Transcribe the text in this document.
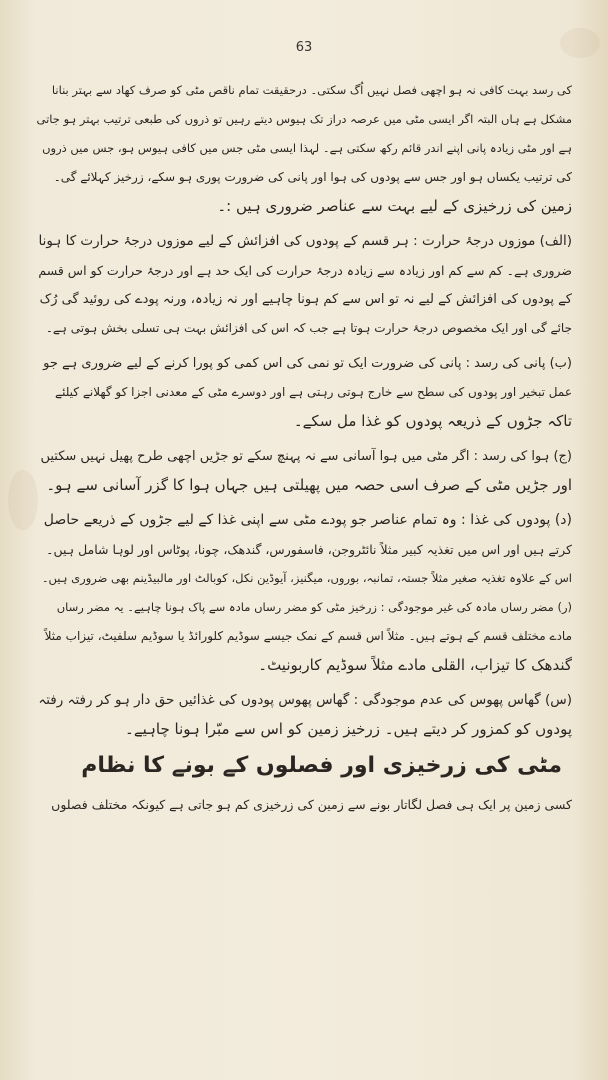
63
کی رسد بہت کافی نہ ہو اچھی فصل نہیں اُگ سکتی۔ درحقیقت تمام ناقص مٹی کو صرف کھاد سے بہتر بنانا
مشکل ہے ہاں البتہ اگر ایسی مٹی میں عرصہ دراز تک ہیوس دیتے رہیں تو ذروں کی طبعی ترتیب بہتر ہو جاتی
ہے اور مٹی زیادہ پانی اپنے اندر قائم رکھ سکتی ہے۔ لہذا ایسی مٹی جس میں کافی ہیوس ہو، جس میں ذروں
کی ترتیب یکساں ہو اور جس سے پودوں کی ہوا اور پانی کی ضرورت پوری ہو سکے، زرخیز کہلائے گی۔
زمین کی زرخیزی کے لیے بہت سے عناصر ضروری ہیں :۔
(الف) موزوں درجۂ حرارت : ہر قسم کے پودوں کی افزائش کے لیے موزوں درجۂ حرارت کا ہونا
ضروری ہے۔ کم سے کم اور زیادہ سے زیادہ درجۂ حرارت کی ایک حد ہے اور درجۂ حرارت کو اس قسم
کے پودوں کی افزائش کے لیے نہ تو اس سے کم ہونا چاہیے اور نہ زیادہ، ورنہ پودے کی روئید گی رُک
جائے گی اور ایک مخصوص درجۂ حرارت ہوتا ہے جب کہ اس کی افزائش بہت ہی تسلی بخش ہوتی ہے۔
(ب) پانی کی رسد : پانی کی ضرورت ایک تو نمی کی اس کمی کو پورا کرنے کے لیے ضروری ہے جو
عمل تبخیر اور پودوں کی سطح سے خارج ہوتی رہتی ہے اور دوسرے مٹی کے معدنی اجزا کو گھلانے کیلئے
تاکہ جڑوں کے ذریعہ پودوں کو غذا مل سکے۔
(ج) ہوا کی رسد : اگر مٹی میں ہوا آسانی سے نہ پہنچ سکے تو جڑیں اچھی طرح پھیل نہیں سکتیں
اور جڑیں مٹی کے صرف اسی حصہ میں پھیلتی ہیں جہاں ہوا کا گزر آسانی سے ہو۔
(د) پودوں کی غذا : وہ تمام عناصر جو پودے مٹی سے اپنی غذا کے لیے جڑوں کے ذریعے حاصل
کرتے ہیں اور اس میں تغذیہ کبیر مثلاً نائٹروجن، فاسفورس، گندھک، چونا، پوٹاس اور لوہا شامل ہیں۔
اس کے علاوہ تغذیہ صغیر مثلاً جستہ، تمانبہ، بوروں، میگنیز، آیوڈین نکل، کوبالٹ اور مالبیڈینم بھی ضروری ہیں۔
(ر) مضر رساں مادہ کی غیر موجودگی : زرخیز مٹی کو مضر رساں مادہ سے پاک ہونا چاہیے۔ یہ مضر رساں
مادے مختلف قسم کے ہوتے ہیں۔ مثلاً اس قسم کے نمک جیسے سوڈیم کلورائڈ یا سوڈیم سلفیٹ، تیزاب مثلاً
گندھک کا تیزاب، القلی مادے مثلاً سوڈیم کاربونیٹ۔
(س) گھاس پھوس کی عدم موجودگی : گھاس پھوس پودوں کی غذائیں حق دار ہو کر رفتہ رفتہ
پودوں کو کمزور کر دیتے ہیں۔ زرخیز زمین کو اس سے مبّرا ہونا چاہیے۔
مٹی کی زرخیزی اور فصلوں کے بونے کا نظام
کسی زمین پر ایک ہی فصل لگاتار بونے سے زمین کی زرخیزی کم ہو جاتی ہے کیونکہ مختلف فصلوں
